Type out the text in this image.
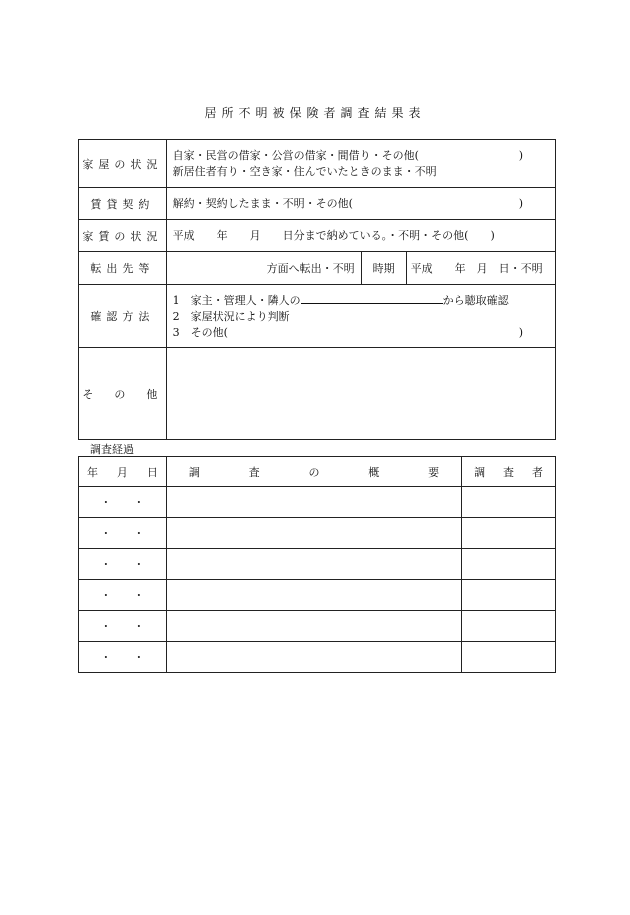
居所不明被保険者調査結果表
家屋の状況	自家・民営の借家・公営の借家・間借り・その他( )
新居住者有り・空き家・住んでいたときのまま・不明

賃貸契約	解約・契約したまま・不明・その他( )

家賃の状況	平成　　年　　月　　日分まで納めている。・不明・その他(　　)
転出先等	方面へ転出・不明 時期 平成　　年　月　日・不明

確認方法	1　家主・管理人・隣人の から聴取確認
2　家屋状況により判断
3　その他( )

そ　の　他	
調査経過
年 月 日	調 査 の 概 要	調 査 者

・　　・		
・　　・		
・　　・		
・　　・		
・　　・		
・　　・		
